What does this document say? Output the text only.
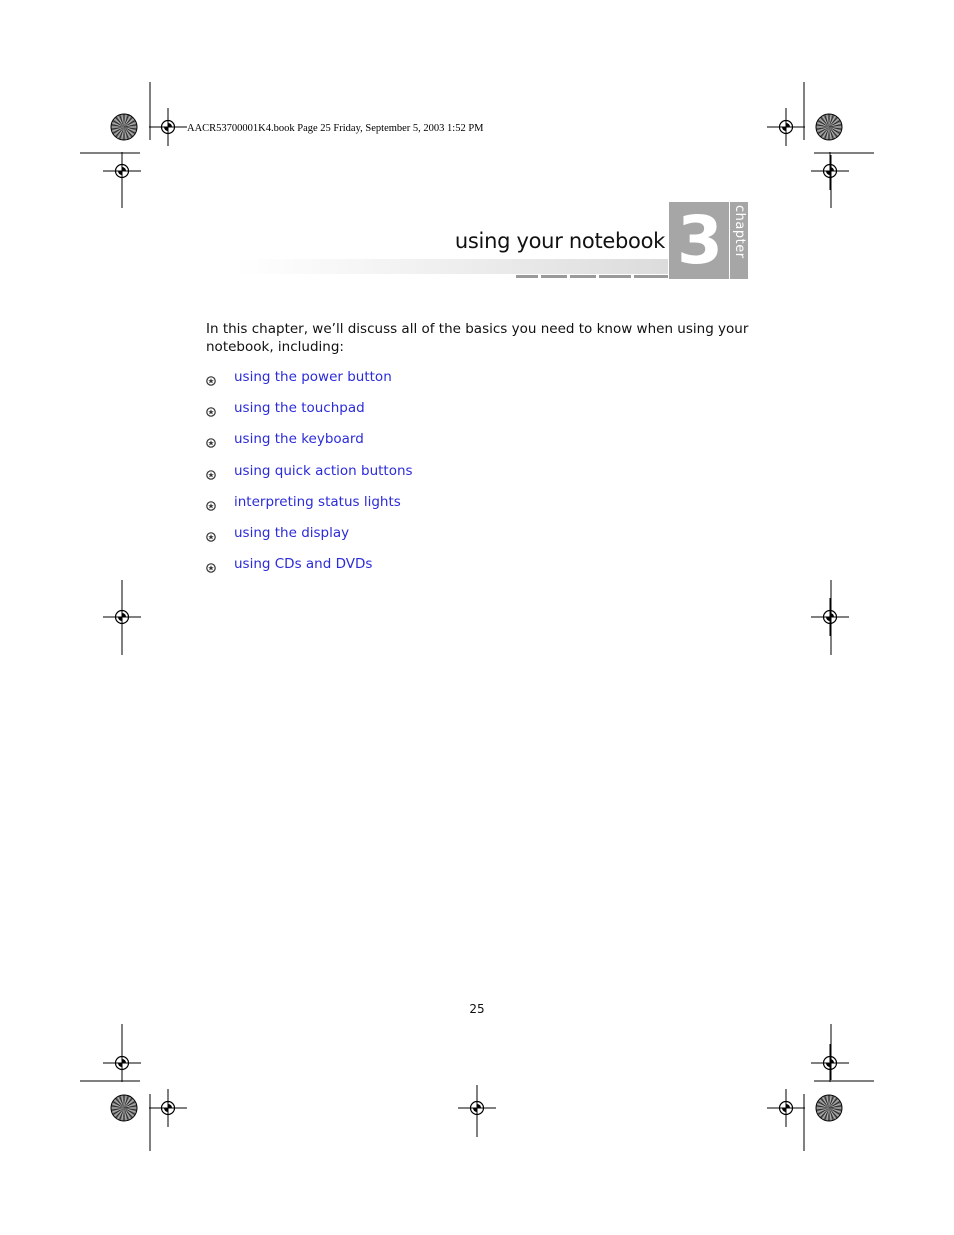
AACR53700001K4.book Page 25 Friday, September 5, 2003 1:52 PM
using your notebook 3 chapter
In this chapter, we’ll discuss all of the basics you need to know when using your notebook, including:
using the power button
using the touchpad
using the keyboard
using quick action buttons
interpreting status lights
using the display
using CDs and DVDs
25
